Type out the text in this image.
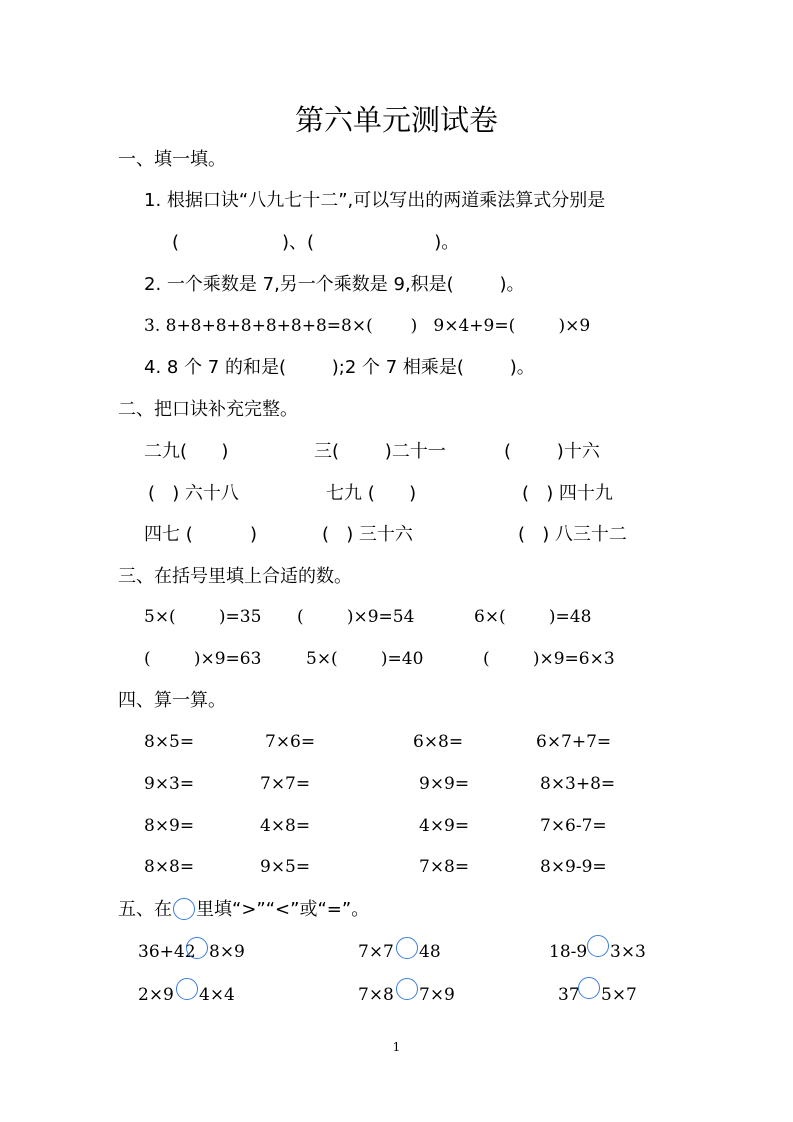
第六单元测试卷
一、填一填。
1. 根据口诀“八九七十二”,可以写出的两道乘法算式分别是
(                  )、(                     )。
2. 一个乘数是 7,另一个乘数是 9,积是(        )。
3. 8+8+8+8+8+8+8=8×(       )   9×4+9=(        )×9
4. 8 个 7 的和是(        );2 个 7 相乘是(        )。
二、把口诀补充完整。
二九(      )	三(        )二十一	(        )十六
(   ) 六十八	七九 (      )	(   ) 四十九
四七 (          )	(   ) 三十六	(   ) 八三十二
三、在括号里填上合适的数。
5×(        )=35 (        )×9=54	6×(        )=48
(        )×9=63	5×(        )=40	(        )×9=6×3
四、算一算。
8×5=	7×6=	6×8=	6×7+7=
9×3=	7×7=	9×9=	8×3+8=
8×9=	4×8=	4×9=	7×6-7=
8×8=	9×5=	7×8=	8×9-9=
五、在 里填“>”“<”或“=”。
36+42 8×9	7×7 48	18-9 3×3
2×9 4×4	7×8 7×9	37 5×7
1
